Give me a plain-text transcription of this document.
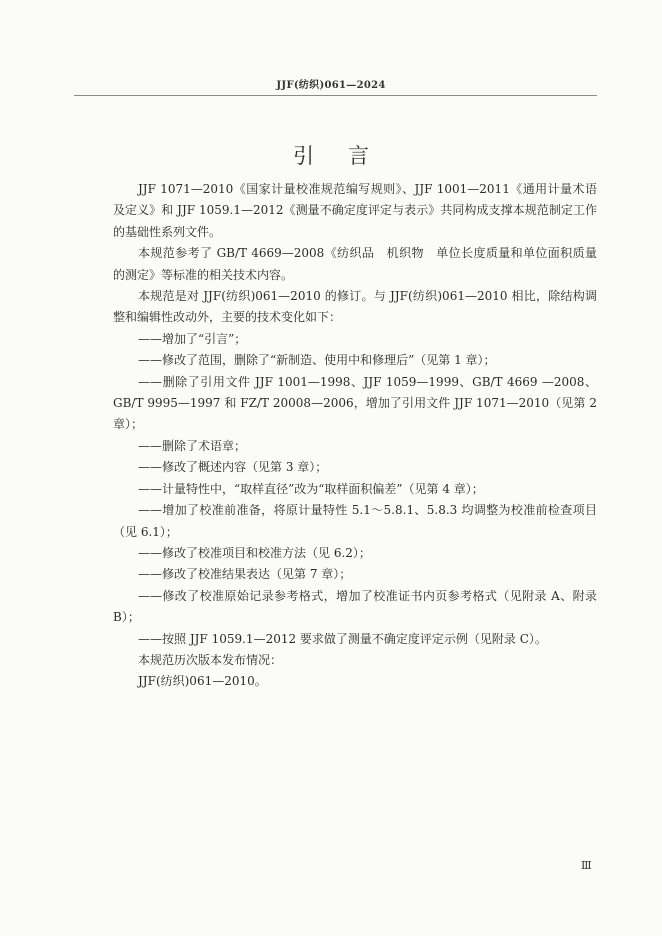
JJF(纺织)061—2024
引言

JJF 1071—2010《国家计量校准规范编写规则》、JJF 1001—2011《通用计量术语及定义》和 JJF 1059.1—2012《测量不确定度评定与表示》共同构成支撑本规范制定工作的基础性系列文件。

本规范参考了 GB/T 4669—2008《纺织品　机织物　单位长度质量和单位面积质量的测定》等标准的相关技术内容。

本规范是对 JJF(纺织)061—2010 的修订。与 JJF(纺织)061—2010 相比，除结构调整和编辑性改动外，主要的技术变化如下：

——增加了“引言”；

——修改了范围，删除了“新制造、使用中和修理后”（见第 1 章）；

——删除了引用文件 JJF 1001—1998、JJF 1059—1999、GB/T 4669 —2008、GB/T 9995—1997 和 FZ/T 20008—2006，增加了引用文件 JJF 1071—2010（见第 2 章）；

——删除了术语章；

——修改了概述内容（见第 3 章）；

——计量特性中，“取样直径”改为“取样面积偏差”（见第 4 章）；

——增加了校准前准备，将原计量特性 5.1～5.8.1、5.8.3 均调整为校准前检查项目（见 6.1）；

——修改了校准项目和校准方法（见 6.2）；

——修改了校准结果表达（见第 7 章）；

——修改了校准原始记录参考格式，增加了校准证书内页参考格式（见附录 A、附录 B）；

——按照 JJF 1059.1—2012 要求做了测量不确定度评定示例（见附录 C）。

本规范历次版本发布情况：

JJF(纺织)061—2010。

Ⅲ
